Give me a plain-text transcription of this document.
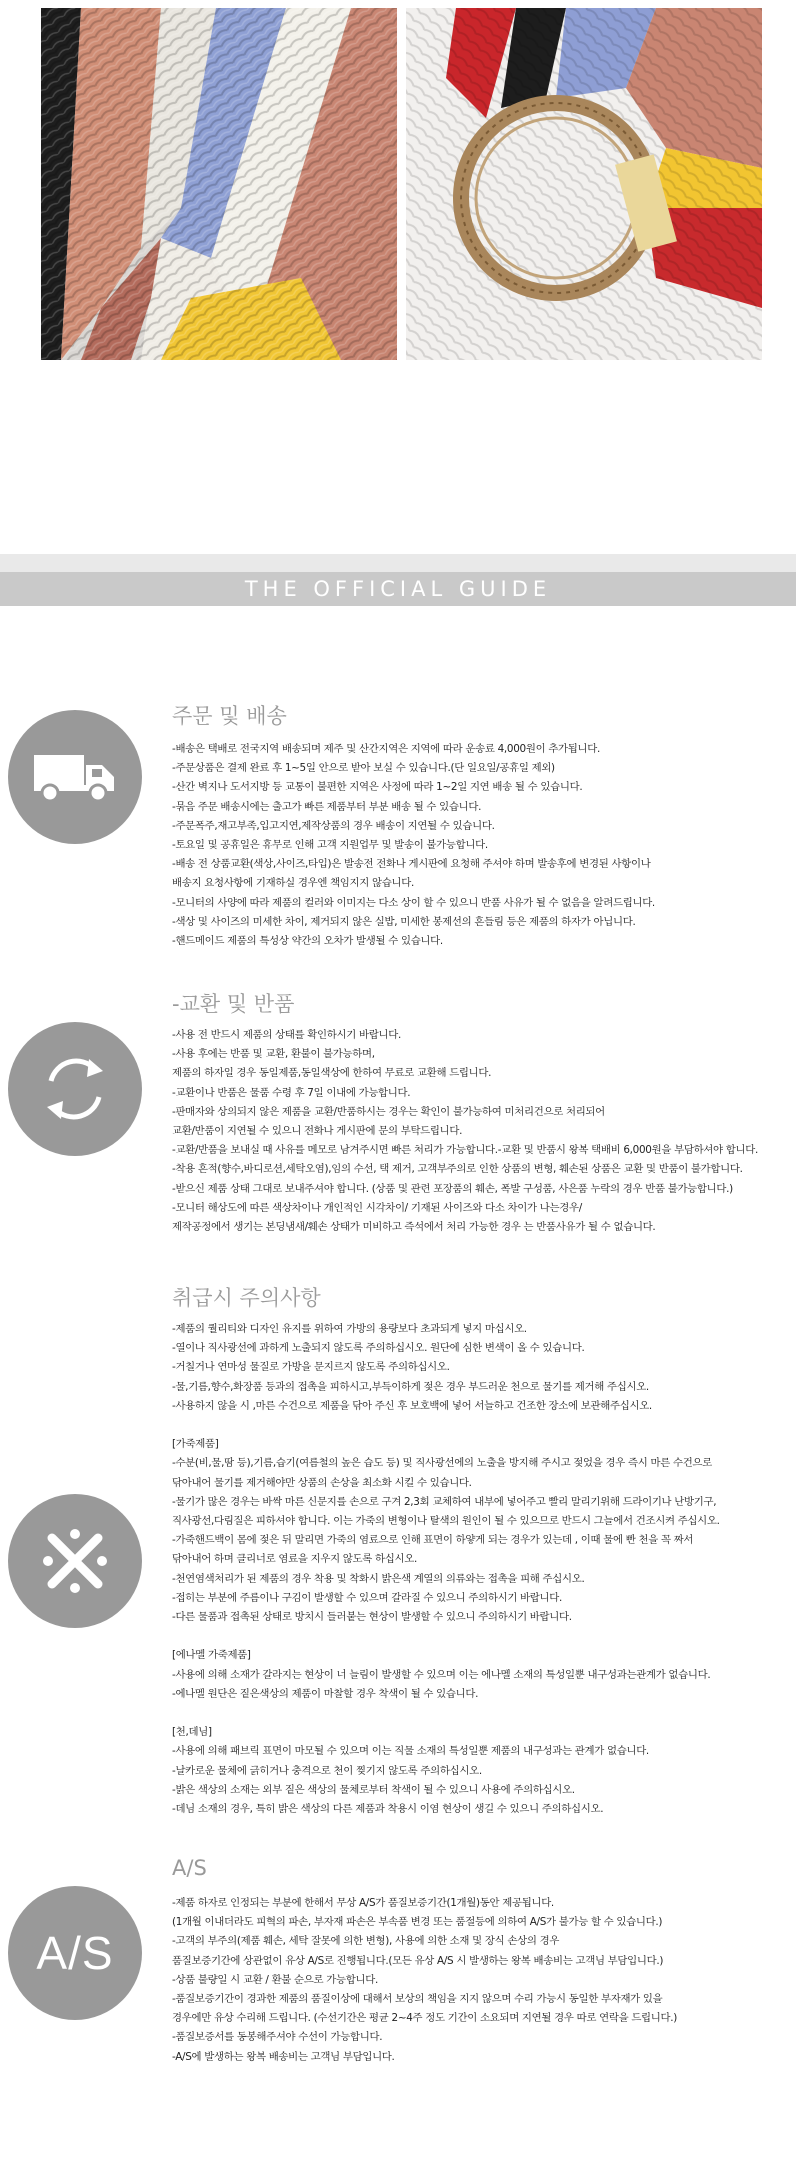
THE OFFICIAL GUIDE
주문 및 배송
-배송은 택배로 전국지역 배송되며 제주 및 산간지역은 지역에 따라 운송료 4,000원이 추가됩니다.
-주문상품은 결제 완료 후 1~5일 안으로 받아 보실 수 있습니다.(단 일요일/공휴일 제외)
-산간 벽지나 도서지방 등 교통이 불편한 지역은 사정에 따라 1~2일 지연 배송 될 수 있습니다.
-묶음 주문 배송시에는 출고가 빠른 제품부터 부분 배송 될 수 있습니다.
-주문폭주,재고부족,입고지연,제작상품의 경우 배송이 지연될 수 있습니다.
-토요일 및 공휴일은 휴무로 인해 고객 지원업무 및 발송이 불가능합니다.
-배송 전 상품교환(색상,사이즈,타입)은 발송전 전화나 게시판에 요청해 주셔야 하며 발송후에 변경된 사항이나
배송지 요청사항에 기재하실 경우엔 책임지지 않습니다.
-모니터의 사양에 따라 제품의 컬러와 이미지는 다소 상이 할 수 있으니 반품 사유가 될 수 없음을 알려드립니다.
-색상 및 사이즈의 미세한 차이, 제거되지 않은 실밥, 미세한 봉제선의 흔들림 등은 제품의 하자가 아닙니다.
-핸드메이드 제품의 특성상 약간의 오차가 발생될 수 있습니다.
-교환 및 반품
-사용 전 반드시 제품의 상태를 확인하시기 바랍니다.
-사용 후에는 반품 및 교환, 환불이 불가능하며,
제품의 하자일 경우 동일제품,동일색상에 한하여 무료로 교환해 드립니다.
-교환이나 반품은 물품 수령 후 7일 이내에 가능합니다.
-판매자와 상의되지 않은 제품을 교환/반품하시는 경우는 확인이 불가능하여 미처리건으로 처리되어
교환/반품이 지연될 수 있으니 전화나 게시판에 문의 부탁드립니다.
-교환/반품을 보내실 때 사유를 메모로 남겨주시면 빠른 처리가 가능합니다.-교환 및 반품시 왕복 택배비 6,000원을 부담하셔야 합니다.
-착용 흔적(향수,바디로션,세탁오염),임의 수선, 택 제거, 고객부주의로 인한 상품의 변형, 훼손된 상품은 교환 및 반품이 불가합니다.
-받으신 제품 상태 그대로 보내주셔야 합니다. (상품 및 관련 포장품의 훼손, 폭발 구성품, 사은품 누락의 경우 반품 불가능합니다.)
-모니터 해상도에 따른 색상차이나 개인적인 시각차이/ 기재된 사이즈와 다소 차이가 나는경우/
제작공정에서 생기는 본딩냄새/훼손 상태가 미비하고 즉석에서 처리 가능한 경우 는 반품사유가 될 수 없습니다.
취급시 주의사항
-제품의 퀄리티와 디자인 유지를 위하여 가방의 용량보다 초과되게 넣지 마십시오.
-열이나 직사광선에 과하게 노출되지 않도록 주의하십시오. 원단에 심한 변색이 올 수 있습니다.
-거칠거나 연마성 물질로 가방을 문지르지 않도록 주의하십시오.
-물,기름,향수,화장품 등과의 접촉을 피하시고,부득이하게 젖은 경우 부드러운 천으로 물기를 제거해 주십시오.
-사용하지 않을 시 ,마른 수건으로 제품을 닦아 주신 후 보호백에 넣어 서늘하고 건조한 장소에 보관해주십시오.
[가죽제품]
-수분(비,물,땀 등),기름,습기(여름철의 높은 습도 등) 및 직사광선에의 노출을 방지해 주시고 젖었을 경우 즉시 마른 수건으로
닦아내어 물기를 제거해야만 상품의 손상을 최소화 시킬 수 있습니다.
-물기가 많은 경우는 바싹 마른 신문지를 손으로 구겨 2,3회 교체하여 내부에 넣어주고 빨리 말리기위해 드라이기나 난방기구,
직사광선,다림질은 피하셔야 합니다. 이는 가죽의 변형이나 탈색의 원인이 될 수 있으므로 반드시 그늘에서 건조시켜 주십시오.
-가죽핸드백이 몸에 젖은 뒤 말리면 가죽의 염료으로 인해 표면이 하얗게 되는 경우가 있는데 , 이때 물에 빤 천을 꼭 짜서
닦아내어 하며 클리너로 염료을 지우지 않도록 하십시오.
-천연염색처리가 된 제품의 경우 착용 및 착화시 밝은색 계열의 의류와는 접촉을 피해 주십시오.
-접히는 부분에 주름이나 구김이 발생할 수 있으며 갈라질 수 있으니 주의하시기 바랍니다.
-다른 물품과 접촉된 상태로 방치시 들러붙는 현상이 발생할 수 있으니 주의하시기 바랍니다.
[에나멜 가죽제품]
-사용에 의해 소재가 갈라지는 현상이 너 늘림이 발생할 수 있으며 이는 에나멜 소재의 특성일뿐 내구성과는관계가 없습니다.
-에나멜 원단은 짙은색상의 제품이 마찰할 경우 착색이 될 수 있습니다.
[천,데님]
-사용에 의해 패브릭 표면이 마모될 수 있으며 이는 직물 소재의 특성일뿐 제품의 내구성과는 관계가 없습니다.
-날카로운 물체에 긁히거나 충격으로 천이 찢기지 않도록 주의하십시오.
-밝은 색상의 소재는 외부 짙은 색상의 물체로부터 착색이 될 수 있으니 사용에 주의하십시오.
-데님 소재의 경우, 특히 밝은 색상의 다른 제품과 착용시 이염 현상이 생길 수 있으니 주의하십시오.
A/S
A/S
-제품 하자로 인정되는 부분에 한해서 무상 A/S가 품질보증기간(1개월)동안 제공됩니다.
(1개월 이내더라도 피혁의 파손, 부자재 파손은 부속품 변경 또는 품절등에 의하여 A/S가 불가능 할 수 있습니다.)
-고객의 부주의(제품 훼손, 세탁 잘못에 의한 변형), 사용에 의한 소재 및 장식 손상의 경우
품질보증기간에 상관없이 유상 A/S로 진행됩니다.(모든 유상 A/S 시 발생하는 왕복 배송비는 고객님 부담입니다.)
-상품 불량일 시 교환 / 환불 순으로 가능합니다.
-품질보증기간이 경과한 제품의 품질이상에 대해서 보상의 책임을 지지 않으며 수리 가능시 동일한 부자재가 있을
경우에만 유상 수리해 드립니다. (수선기간은 평균 2~4주 정도 기간이 소요되며 지연될 경우 따로 연락을 드립니다.)
-품질보증서를 동봉해주셔야 수선이 가능합니다.
-A/S에 발생하는 왕복 배송비는 고객님 부담입니다.
